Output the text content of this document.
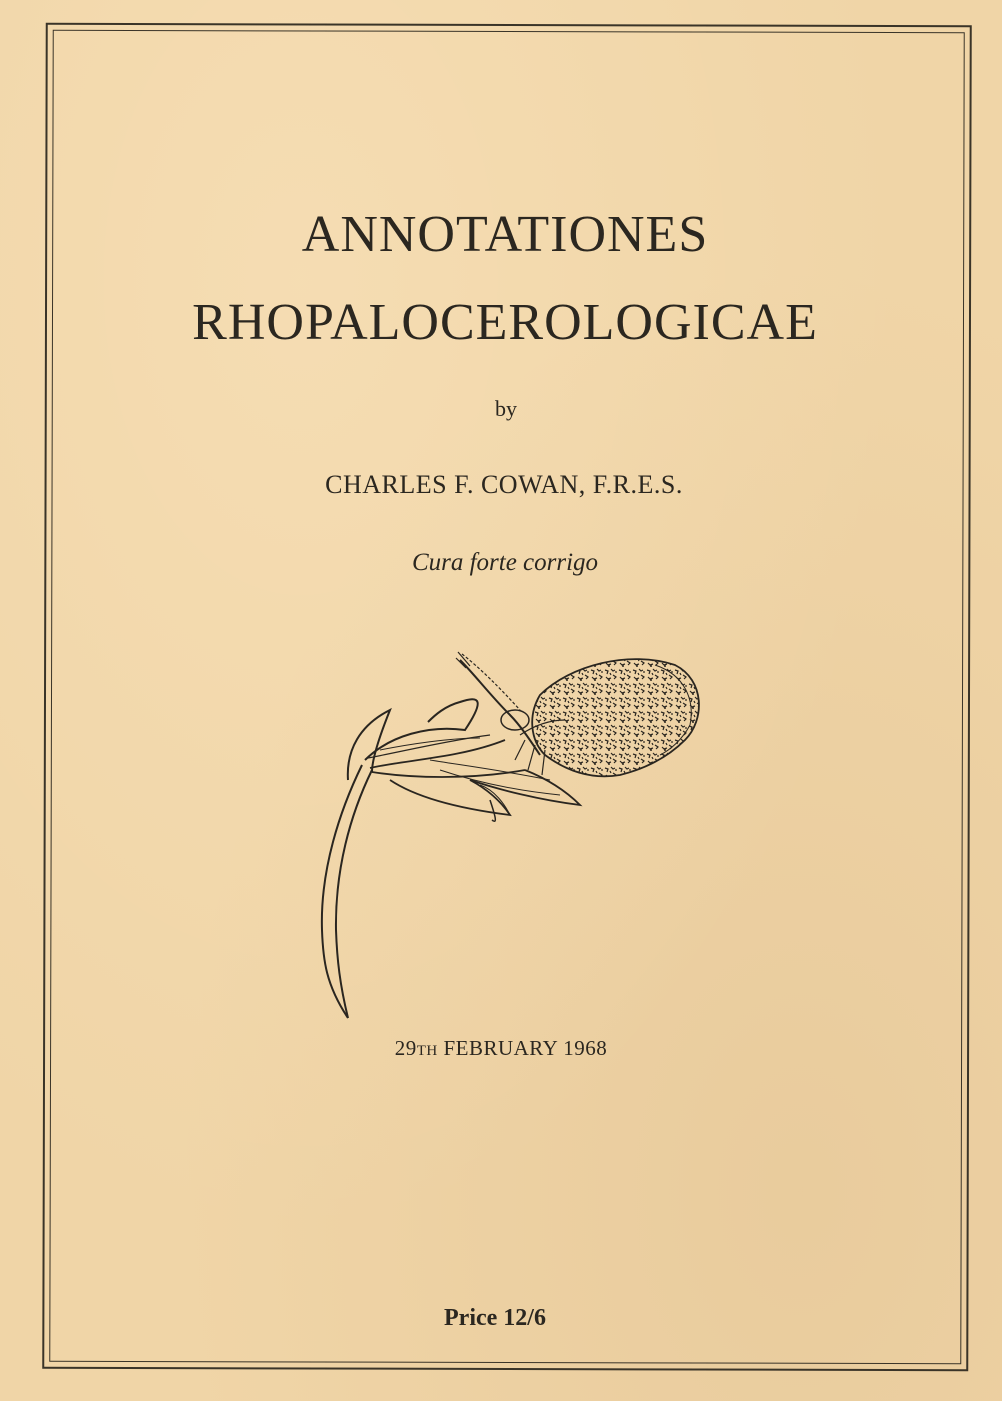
ANNOTATIONES
RHOPALOCEROLOGICAE
by
CHARLES F. COWAN, F.R.E.S.
Cura forte corrigo
29TH FEBRUARY 1968
Price 12/6
